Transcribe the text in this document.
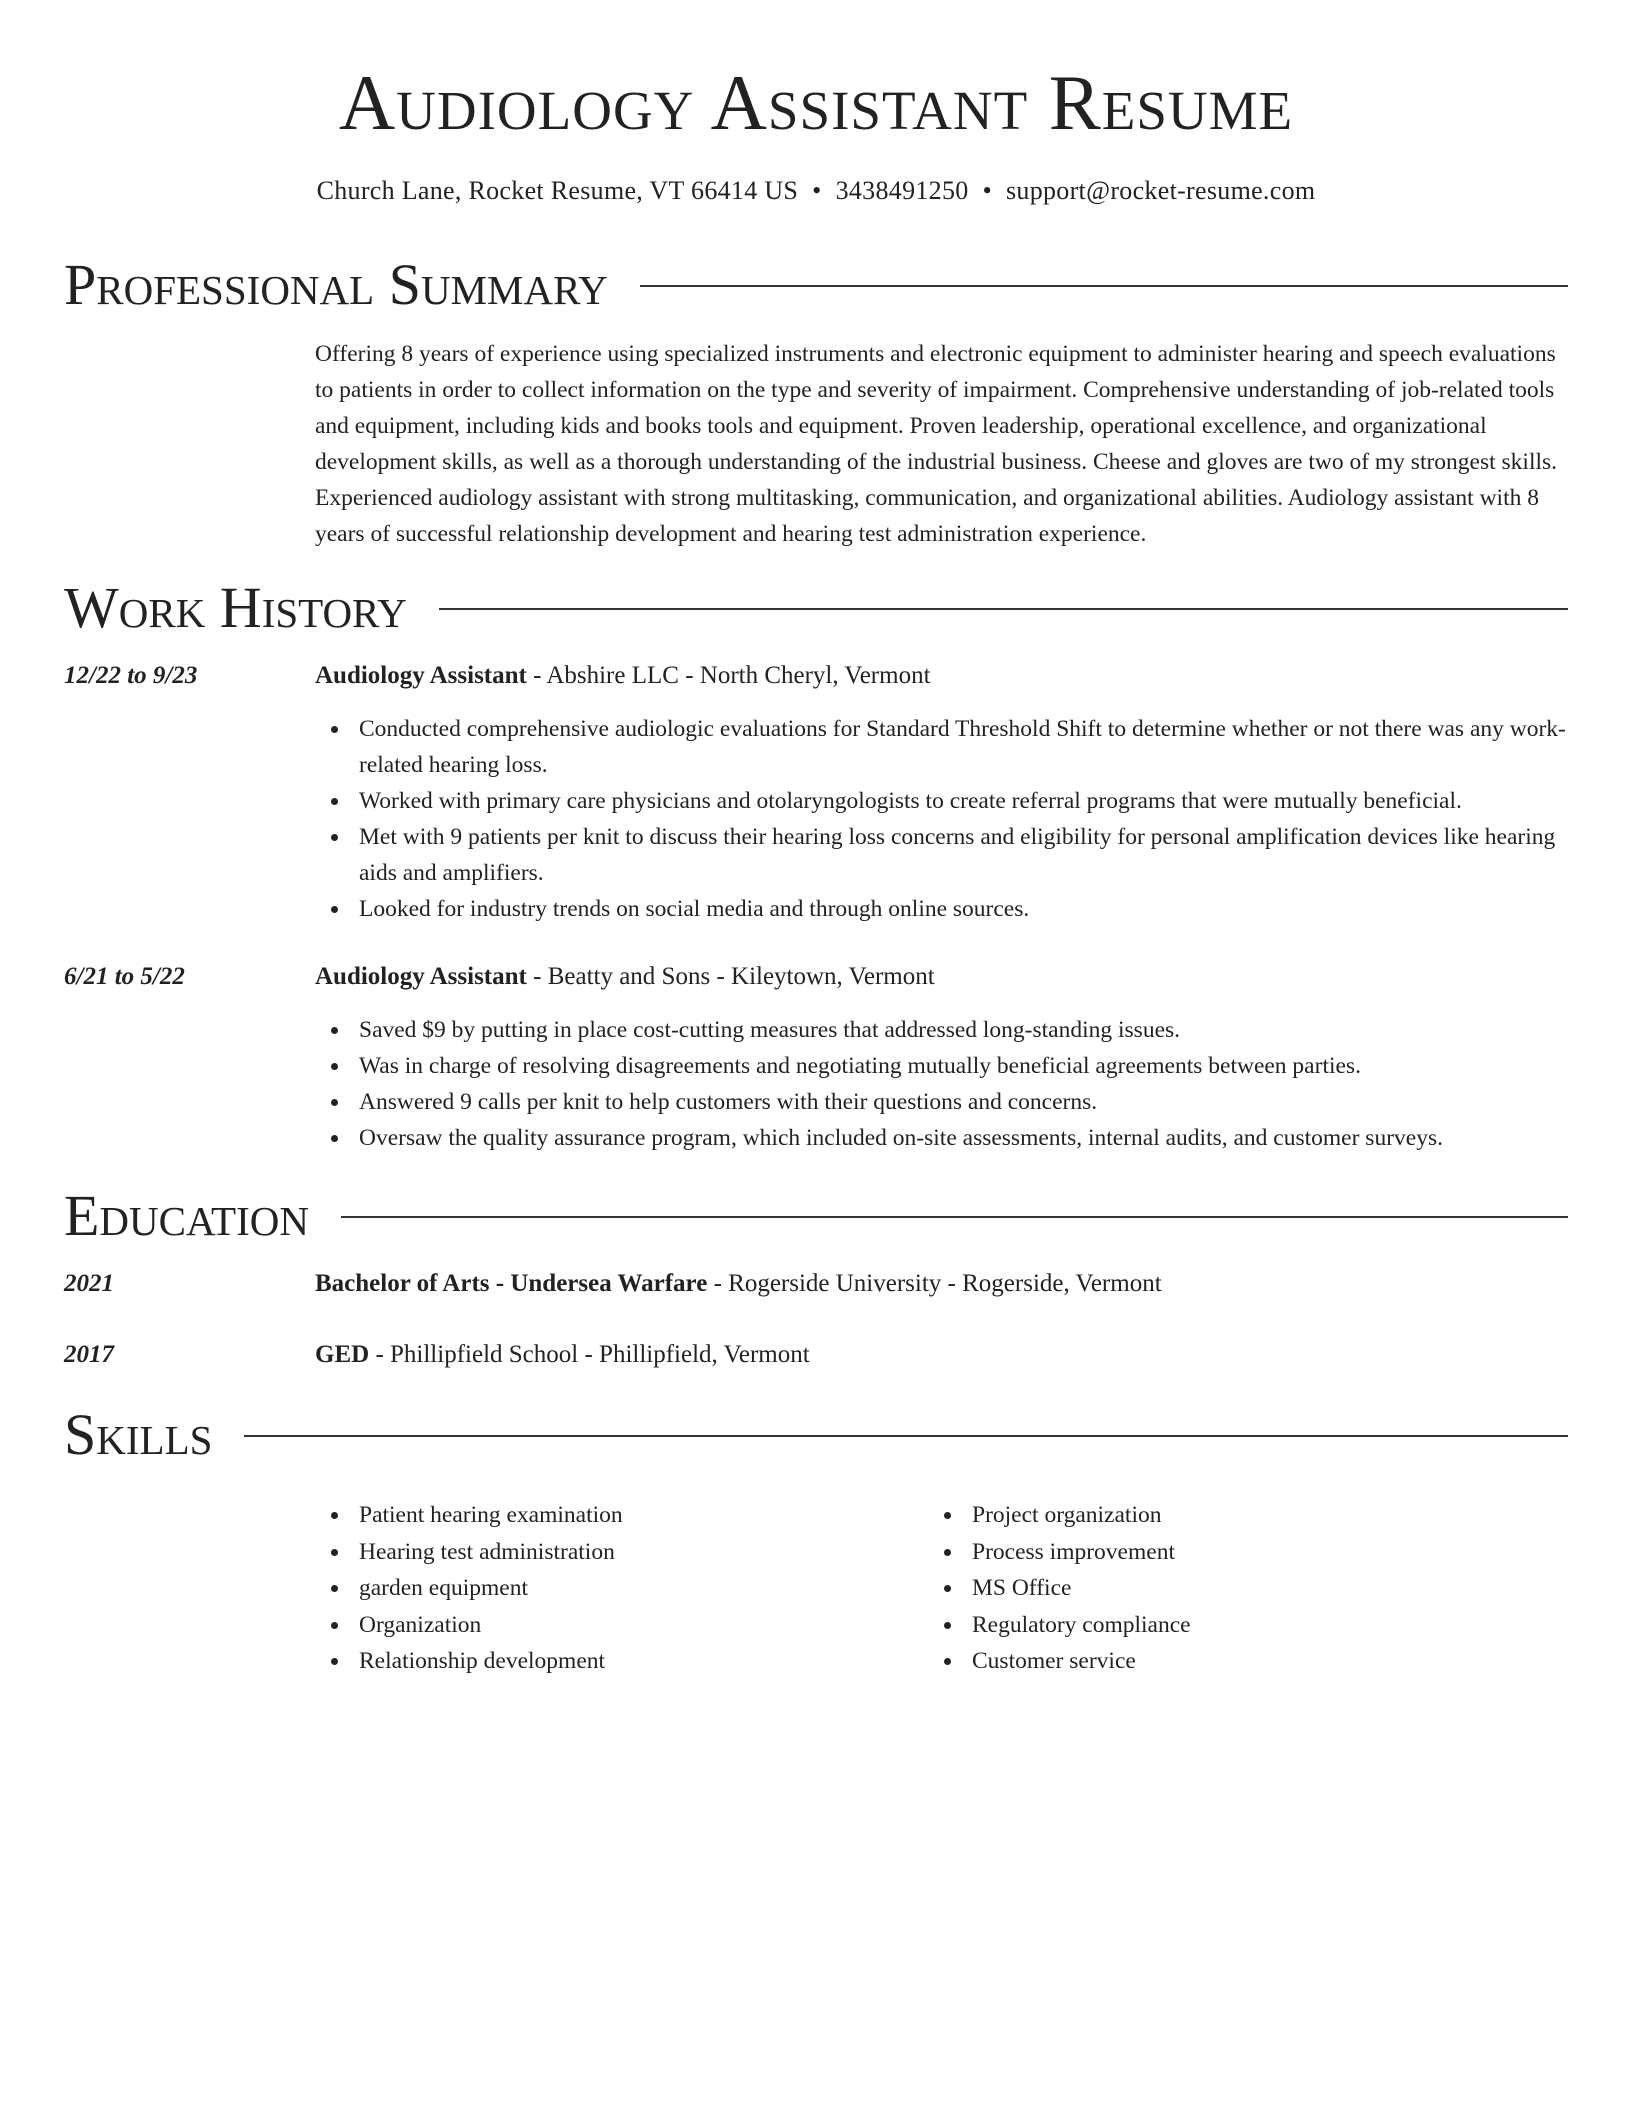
Audiology Assistant Resume
Church Lane, Rocket Resume, VT 66414 US • 3438491250 • support@rocket-resume.com
Professional Summary

Offering 8 years of experience using specialized instruments and electronic equipment to administer hearing and speech evaluations to patients in order to collect information on the type and severity of impairment. Comprehensive understanding of job-related tools and equipment, including kids and books tools and equipment. Proven leadership, operational excellence, and organizational development skills, as well as a thorough understanding of the industrial business. Cheese and gloves are two of my strongest skills. Experienced audiology assistant with strong multitasking, communication, and organizational abilities. Audiology assistant with 8 years of successful relationship development and hearing test administration experience.

Work History
12/22 to 9/23	Audiology Assistant - Abshire LLC - North Cheryl, Vermont
Conducted comprehensive audiologic evaluations for Standard Threshold Shift to determine whether or not there was any work-related hearing loss.
Worked with primary care physicians and otolaryngologists to create referral programs that were mutually beneficial.
Met with 9 patients per knit to discuss their hearing loss concerns and eligibility for personal amplification devices like hearing aids and amplifiers.
Looked for industry trends on social media and through online sources.
6/21 to 5/22	Audiology Assistant - Beatty and Sons - Kileytown, Vermont
Saved $9 by putting in place cost-cutting measures that addressed long-standing issues.
Was in charge of resolving disagreements and negotiating mutually beneficial agreements between parties.
Answered 9 calls per knit to help customers with their questions and concerns.
Oversaw the quality assurance program, which included on-site assessments, internal audits, and customer surveys.
Education
2021	Bachelor of Arts - Undersea Warfare - Rogerside University - Rogerside, Vermont
2017	GED - Phillipfield School - Phillipfield, Vermont
Skills
Patient hearing examination
Hearing test administration
garden equipment
Organization
Relationship development
Project organization
Process improvement
MS Office
Regulatory compliance
Customer service
